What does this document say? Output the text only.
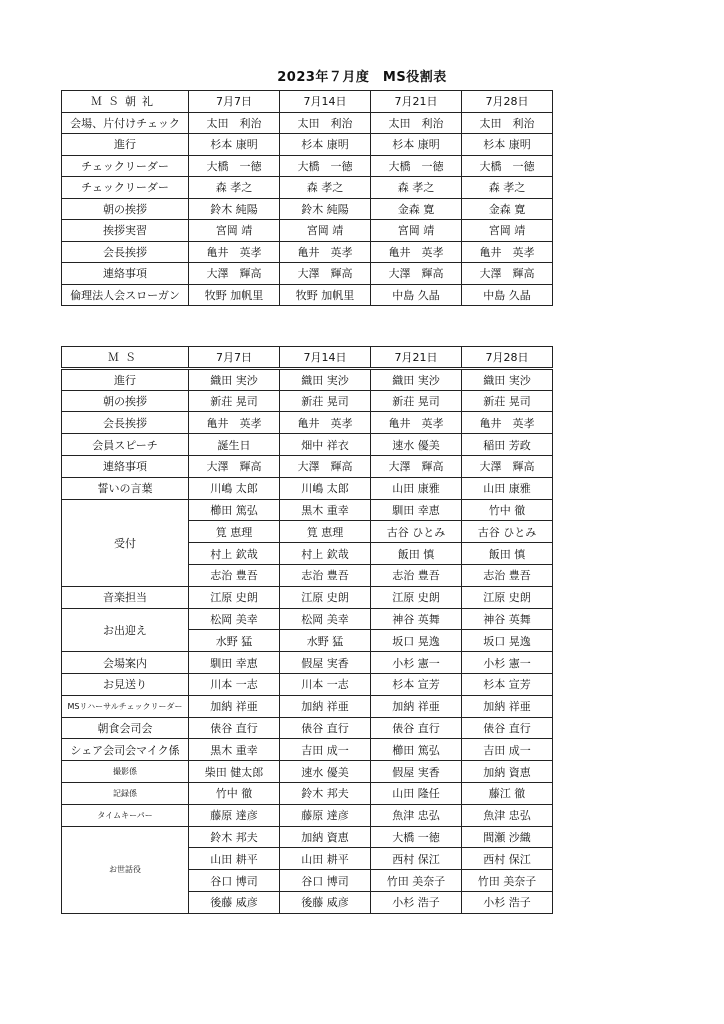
2023年７月度　MS役割表
ＭＳ朝礼	7月7日	7月14日	7月21日	7月28日
会場、片付けチェック	太田　利治	太田　利治	太田　利治	太田　利治
進行	杉本 康明	杉本 康明	杉本 康明	杉本 康明
チェックリーダー	大橋　一徳	大橋　一徳	大橋　一徳	大橋　一徳
チェックリーダー	森 孝之	森 孝之	森 孝之	森 孝之
朝の挨拶	鈴木 純陽	鈴木 純陽	金森 寛	金森 寛
挨拶実習	宮岡 靖	宮岡 靖	宮岡 靖	宮岡 靖
会長挨拶	亀井　英孝	亀井　英孝	亀井　英孝	亀井　英孝
連絡事項	大澤　輝高	大澤　輝高	大澤　輝高	大澤　輝高
倫理法人会スローガン	牧野 加帆里	牧野 加帆里	中島 久晶	中島 久晶
ＭＳ	7月7日	7月14日	7月21日	7月28日
進行	織田 実沙	織田 実沙	織田 実沙	織田 実沙
朝の挨拶	新荘 晃司	新荘 晃司	新荘 晃司	新荘 晃司
会長挨拶	亀井　英孝	亀井　英孝	亀井　英孝	亀井　英孝
会員スピーチ	誕生日	畑中 祥衣	速水 優美	稲田 芳政
連絡事項	大澤　輝高	大澤　輝高	大澤　輝高	大澤　輝高
誓いの言葉	川嶋 太郎	川嶋 太郎	山田 康雅	山田 康雅
受付	櫛田 篤弘	黒木 重幸	馴田 幸恵	竹中 徹
	筧 恵理	筧 恵理	古谷 ひとみ	古谷 ひとみ
	村上 欽哉	村上 欽哉	飯田 慎	飯田 慎
	志治 豊吾	志治 豊吾	志治 豊吾	志治 豊吾
音楽担当	江原 史朗	江原 史朗	江原 史朗	江原 史朗
お出迎え	松岡 美幸	松岡 美幸	神谷 英舞	神谷 英舞
	水野 猛	水野 猛	坂口 晃逸	坂口 晃逸
会場案内	馴田 幸恵	假屋 実香	小杉 憲一	小杉 憲一
お見送り	川本 一志	川本 一志	杉本 宣芳	杉本 宣芳
MSリハーサルチェックリーダー	加納 祥亜	加納 祥亜	加納 祥亜	加納 祥亜
朝食会司会	俵谷 直行	俵谷 直行	俵谷 直行	俵谷 直行
シェア会司会マイク係	黒木 重幸	吉田 成一	櫛田 篤弘	吉田 成一
撮影係	柴田 健太郎	速水 優美	假屋 実香	加納 資恵
記録係	竹中 徹	鈴木 邦夫	山田 隆任	藤江 徹
タイムキーパー	藤原 達彦	藤原 達彦	魚津 忠弘	魚津 忠弘
お世話役	鈴木 邦夫	加納 資恵	大橋 一徳	間瀬 沙織
	山田 耕平	山田 耕平	西村 保江	西村 保江
	谷口 博司	谷口 博司	竹田 美奈子	竹田 美奈子
	後藤 威彦	後藤 威彦	小杉 浩子	小杉 浩子
